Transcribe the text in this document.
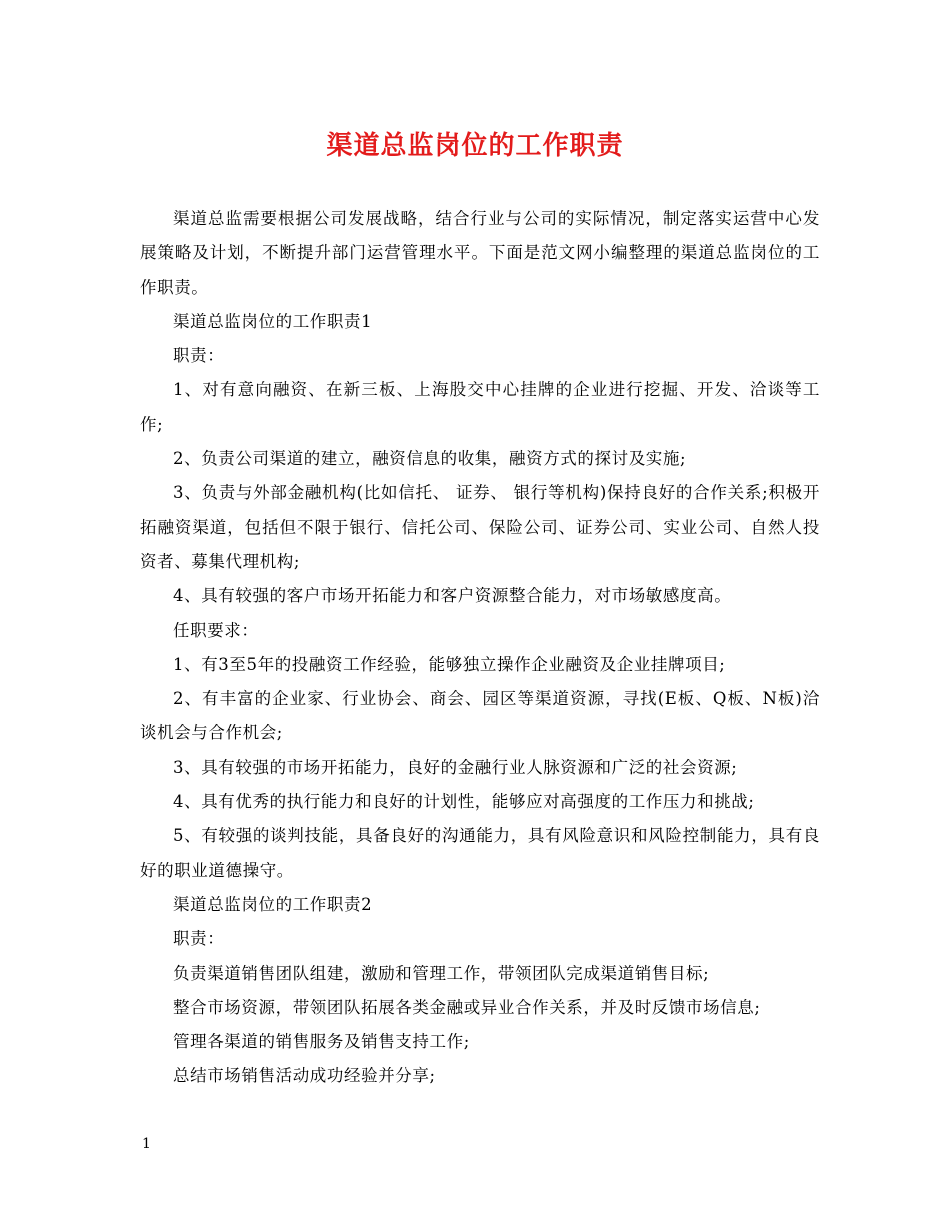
渠道总监岗位的工作职责

渠道总监需要根据公司发展战略，结合行业与公司的实际情况，制定落实运营中心发展策略及计划，不断提升部门运营管理水平。下面是范文网小编整理的渠道总监岗位的工作职责。

渠道总监岗位的工作职责1

职责：

1、对有意向融资、在新三板、上海股交中心挂牌的企业进行挖掘、开发、洽谈等工作;

2、负责公司渠道的建立，融资信息的收集，融资方式的探讨及实施;

3、负责与外部金融机构(比如信托、 证券、 银行等机构)保持良好的合作关系;积极开拓融资渠道，包括但不限于银行、信托公司、保险公司、证券公司、实业公司、自然人投资者、募集代理机构;

4、具有较强的客户市场开拓能力和客户资源整合能力，对市场敏感度高。

任职要求：

1、有3至5年的投融资工作经验，能够独立操作企业融资及企业挂牌项目;

2、有丰富的企业家、行业协会、商会、园区等渠道资源，寻找(E板、Q板、N板)洽谈机会与合作机会;

3、具有较强的市场开拓能力，良好的金融行业人脉资源和广泛的社会资源;

4、具有优秀的执行能力和良好的计划性，能够应对高强度的工作压力和挑战;

5、有较强的谈判技能，具备良好的沟通能力，具有风险意识和风险控制能力，具有良好的职业道德操守。

渠道总监岗位的工作职责2

职责：

负责渠道销售团队组建，激励和管理工作，带领团队完成渠道销售目标;

整合市场资源，带领团队拓展各类金融或异业合作关系，并及时反馈市场信息;

管理各渠道的销售服务及销售支持工作;

总结市场销售活动成功经验并分享;

1
